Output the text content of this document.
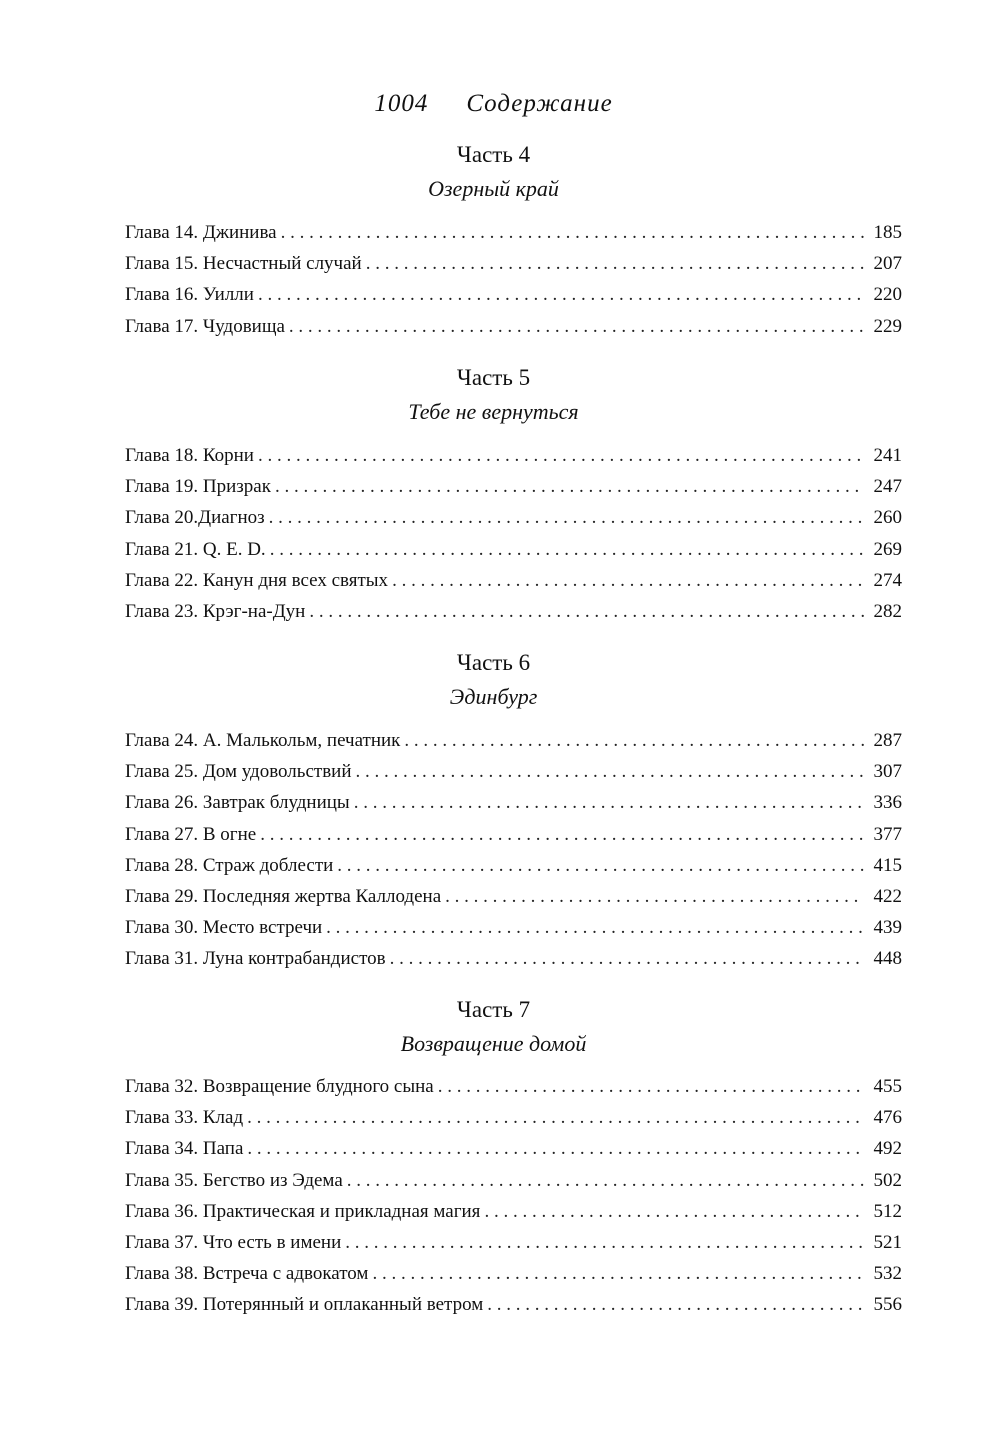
1004 Содержание
Часть 4
Озерный край
Глава 14. Джинива . . .	185
Глава 15. Несчастный случай . . .	207
Глава 16. Уилли . . .	220
Глава 17. Чудовища . . .	229
Часть 5
Тебе не вернуться
Глава 18. Корни . . .	241
Глава 19. Призрак . . .	247
Глава 20.Диагноз . . .	260
Глава 21. Q. E. D. . . .	269
Глава 22. Канун дня всех святых . . .	274
Глава 23. Крэг-на-Дун . . .	282
Часть 6
Эдинбург
Глава 24. А. Малькольм, печатник . . .	287
Глава 25. Дом удовольствий . . .	307
Глава 26. Завтрак блудницы . . .	336
Глава 27. В огне . . .	377
Глава 28. Страж доблести . . .	415
Глава 29. Последняя жертва Каллодена . . .	422
Глава 30. Место встречи . . .	439
Глава 31. Луна контрабандистов . . .	448
Часть 7
Возвращение домой
Глава 32. Возвращение блудного сына . . .	455
Глава 33. Клад . . .	476
Глава 34. Папа . . .	492
Глава 35. Бегство из Эдема . . .	502
Глава 36. Практическая и прикладная магия . . .	512
Глава 37. Что есть в имени . . .	521
Глава 38. Встреча с адвокатом . . .	532
Глава 39. Потерянный и оплаканный ветром . . .	556
